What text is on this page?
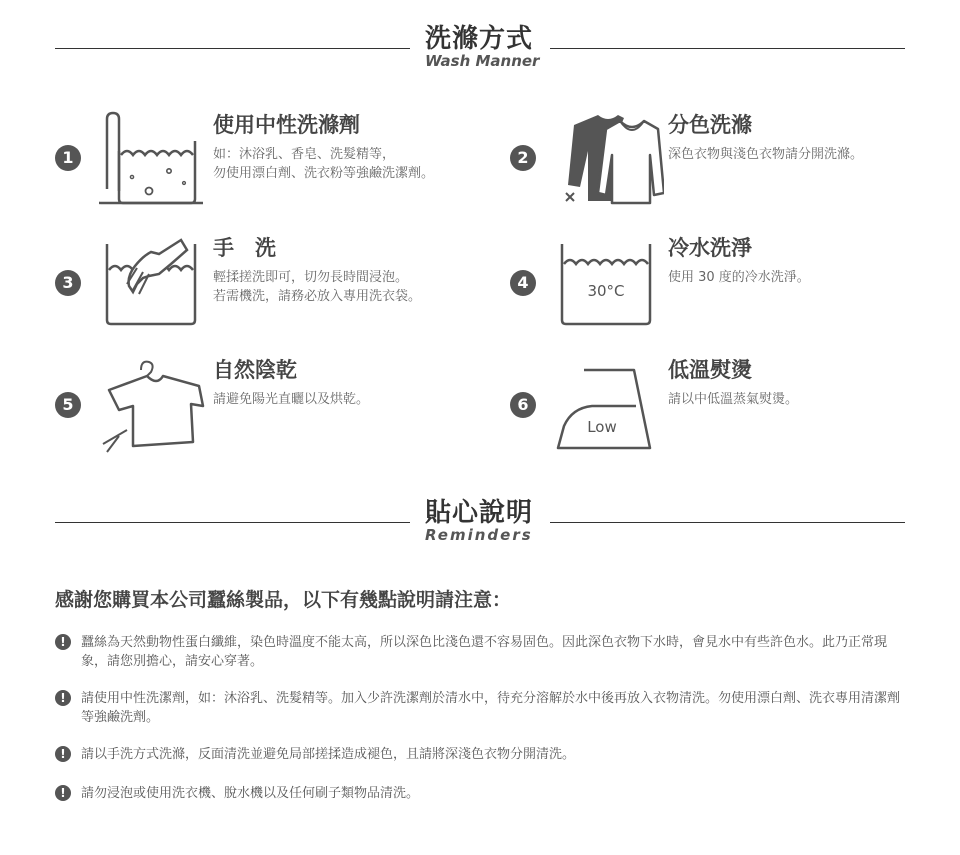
洗滌方式
Wash Manner
1
使用中性洗滌劑
如：沐浴乳、香皂、洗髮精等，
勿使用漂白劑、洗衣粉等強鹼洗潔劑。
2
分色洗滌
深色衣物與淺色衣物請分開洗滌。
3
手　洗
輕揉搓洗即可，切勿長時間浸泡。
若需機洗，請務必放入專用洗衣袋。
4	30°C
冷水洗淨
使用 30 度的冷水洗淨。
5
自然陰乾
請避免陽光直曬以及烘乾。	6
Low
低溫熨燙
請以中低溫蒸氣熨燙。
貼心說明
Reminders
感謝您購買本公司蠶絲製品，以下有幾點說明請注意：
!	蠶絲為天然動物性蛋白纖維，染色時溫度不能太高，所以深色比淺色還不容易固色。因此深色衣物下水時，會見水中有些許色水。此乃正常現象，請您別擔心，請安心穿著。
!	請使用中性洗潔劑，如：沐浴乳、洗髮精等。加入少許洗潔劑於清水中，待充分溶解於水中後再放入衣物清洗。勿使用漂白劑、洗衣專用清潔劑等強鹼洗劑。
!	請以手洗方式洗滌，反面清洗並避免局部搓揉造成褪色，且請將深淺色衣物分開清洗。
!	請勿浸泡或使用洗衣機、脫水機以及任何刷子類物品清洗。
